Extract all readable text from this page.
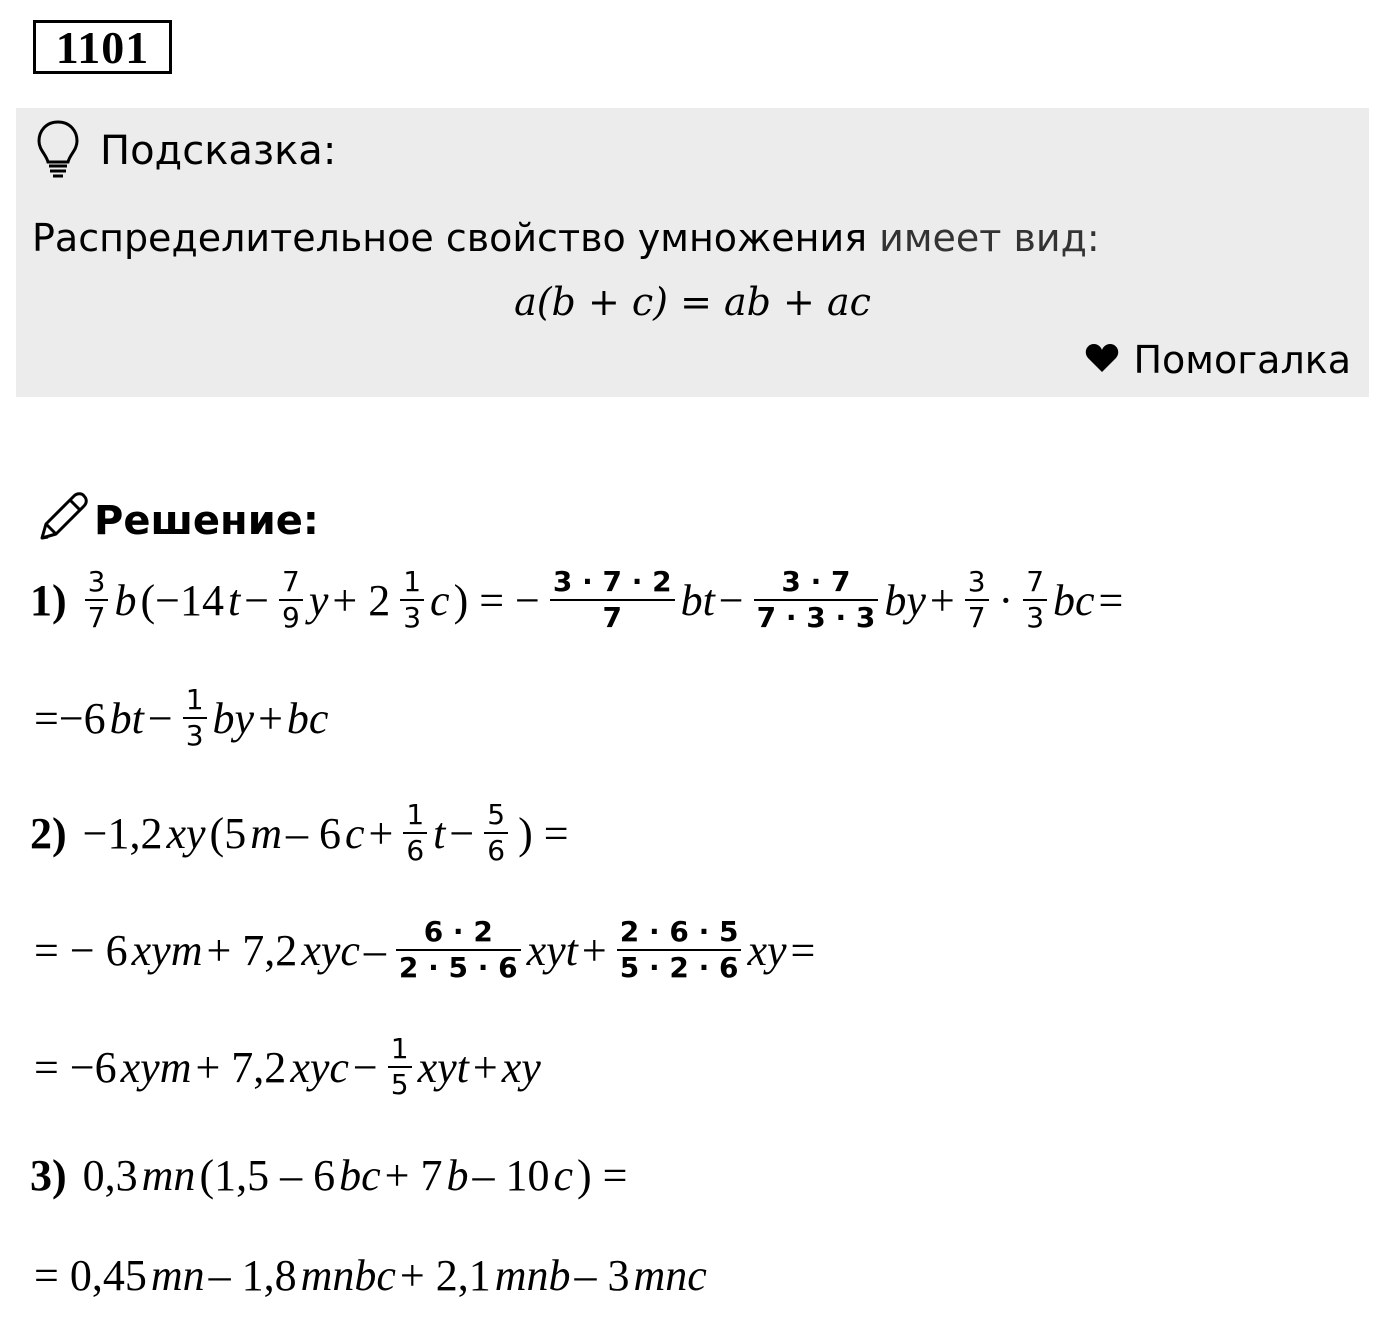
1101
Подсказка:
Распределительное свойство умножения имеет вид:
a(b + c) = ab + ac
Помогалка
Решение:
$1) \frac{3}{7}$ b (−14 $t - \frac{7}{9}$ $y + 2 \frac{1}{3}$ c ) = − $\frac{3 \cdot 7 \cdot 2}{7}$ bt − $\frac{3 \cdot 7}{7 \cdot 3 \cdot 3}$ by + $\frac{3}{7} \cdot \frac{7}{3}$ bc =
=−6 bt − $\frac{1}{3}$ by + bc
2) −1,2 xy (5 m – 6 $c + \frac{1}{6}$ $t - \frac{5}{6}$ ) =
= − 6 xym + 7,2 xyc – $\frac{6 \cdot 2}{2 \cdot 5 \cdot 6}$ xyt + $\frac{2 \cdot 6 \cdot 5}{5 \cdot 2 \cdot 6}$ xy =
= −6 xym + 7,2 xyc − $\frac{1}{5}$ xyt + xy
3) 0,3 mn (1,5 – 6 bc + 7 b – 10 c ) =
= 0,45 mn – 1,8 mnbc + 2,1 mnb – 3 mnc
